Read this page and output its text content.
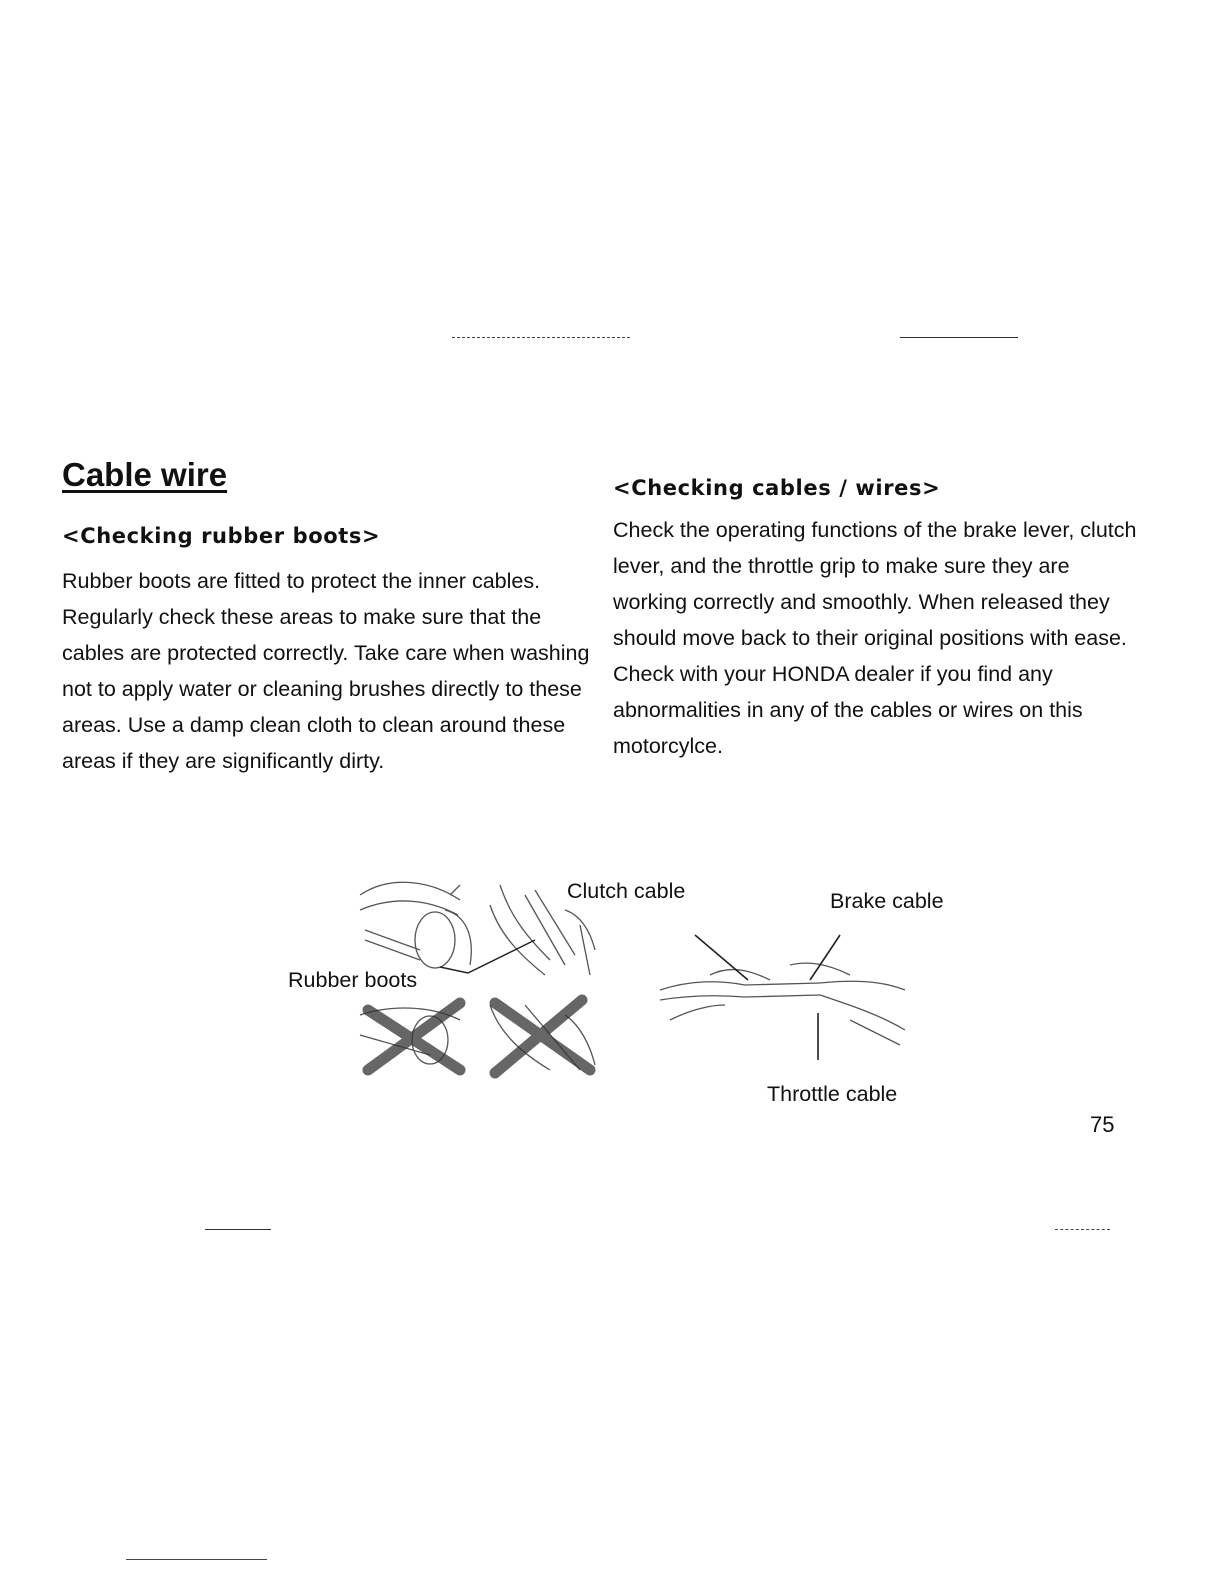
Cable wire
<Checking rubber boots>

Rubber boots are fitted to protect the inner cables. Regularly check these areas to make sure that the cables are protected correctly. Take care when washing not to apply water or cleaning brushes directly to these areas. Use a damp clean cloth to clean around these areas if they are significantly dirty.

<Checking cables / wires>

Check the operating functions of the brake lever, clutch lever, and the throttle grip to make sure they are working correctly and smoothly. When released they should move back to their original positions with ease. Check with your HONDA dealer if you find any abnormalities in any of the cables or wires on this motorcylce.

Clutch cable	Brake cable
Rubber boots
Throttle cable
75
